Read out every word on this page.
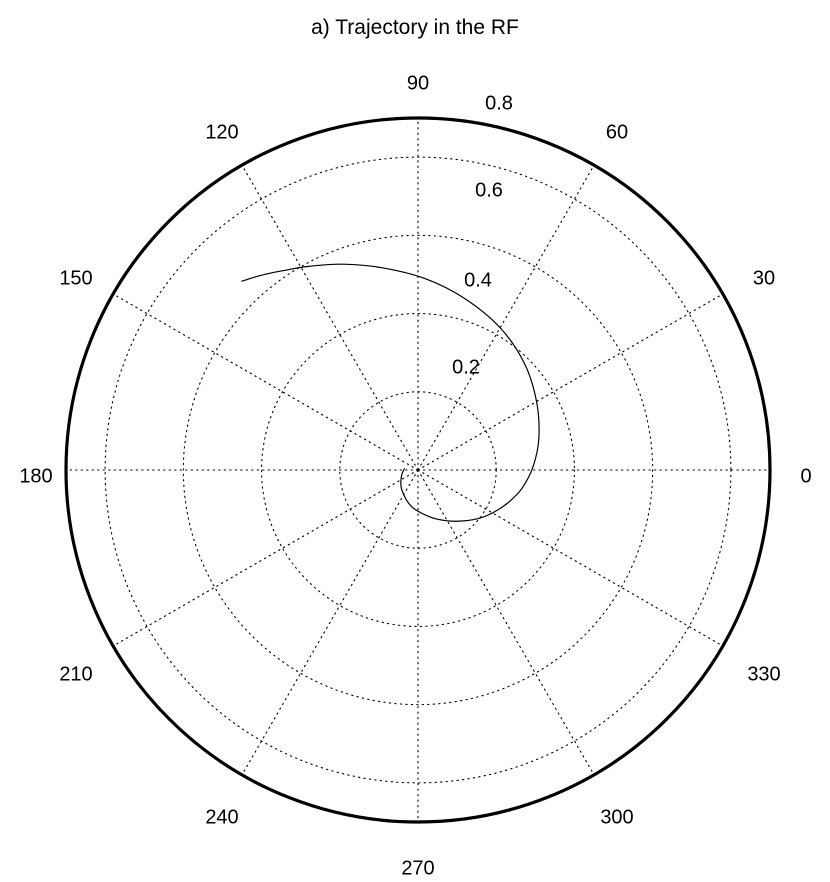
a) Trajectory in the RF
90
120	60
150	30
180	0
210	330
240	300
270
0.8
0.6
0.4
0.2
